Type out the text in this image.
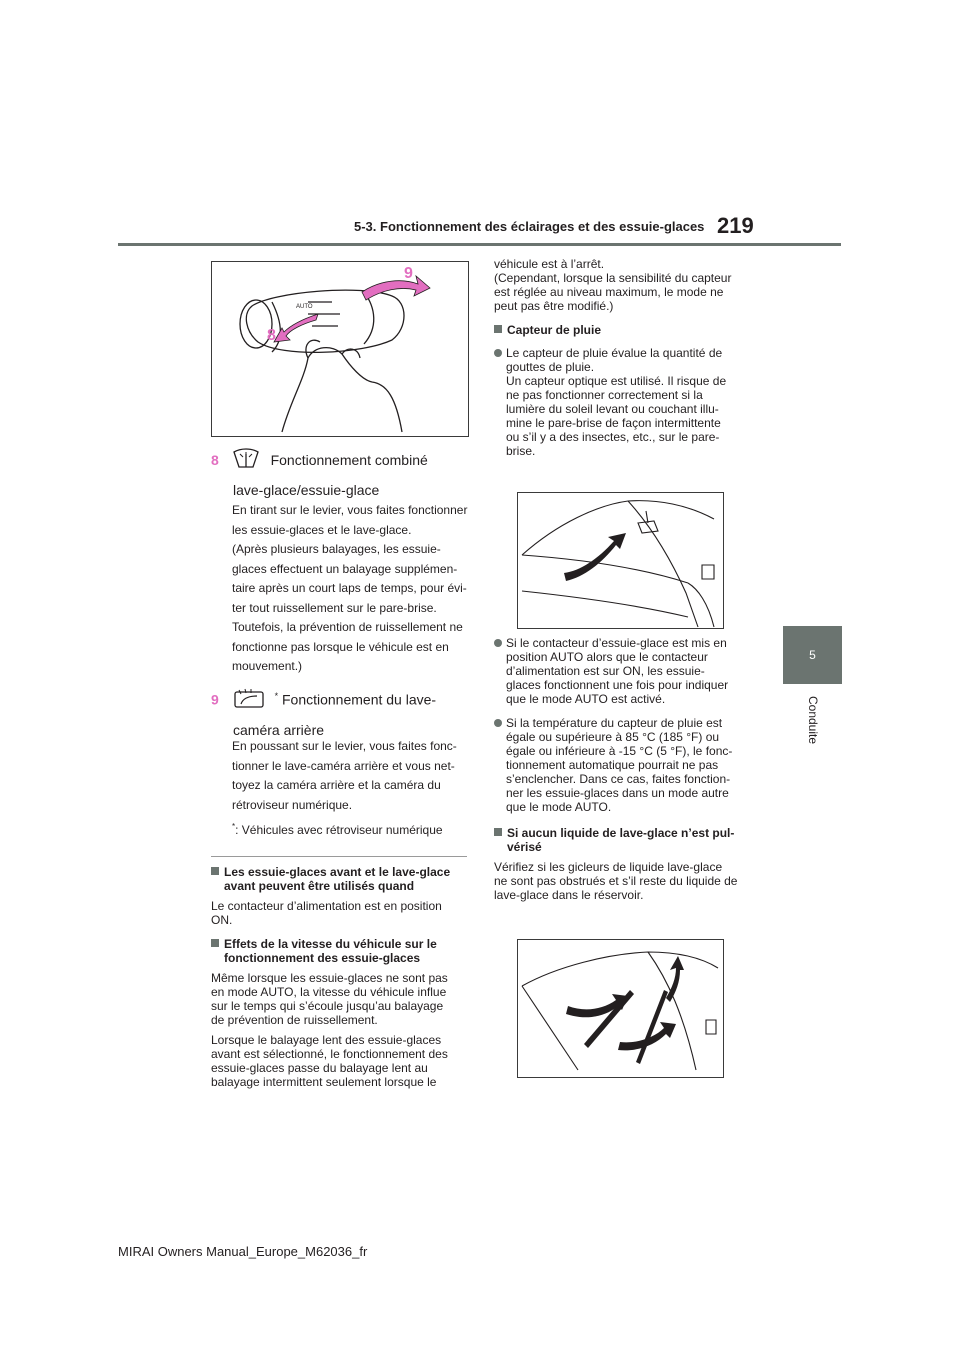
5-3. Fonctionnement des éclairages et des essuie-glaces 219
5
Conduite
AUTO
9
8
8	Fonctionnement combiné
lave-glace/essuie-glace

En tirant sur le levier, vous faites fonctionner

les essuie-glaces et le lave-glace.

(Après plusieurs balayages, les essuie-

glaces effectuent un balayage supplémen-

taire après un court laps de temps, pour évi-

ter tout ruissellement sur le pare-brise.

Toutefois, la prévention de ruissellement ne

fonctionne pas lorsque le véhicule est en

mouvement.)

9	* Fonctionnement du lave-
caméra arrière

En poussant sur le levier, vous faites fonc-

tionner le lave-caméra arrière et vous net-

toyez la caméra arrière et la caméra du

rétroviseur numérique.

*: Véhicules avec rétroviseur numérique

Les essuie-glaces avant et le lave-glace
avant peuvent être utilisés quand

Le contacteur d’alimentation est en position

ON.

Effets de la vitesse du véhicule sur le
fonctionnement des essuie-glaces

Même lorsque les essuie-glaces ne sont pas

en mode AUTO, la vitesse du véhicule influe

sur le temps qui s’écoule jusqu’au balayage

de prévention de ruissellement.

Lorsque le balayage lent des essuie-glaces

avant est sélectionné, le fonctionnement des

essuie-glaces passe du balayage lent au

balayage intermittent seulement lorsque le

véhicule est à l’arrêt.

(Cependant, lorsque la sensibilité du capteur

est réglée au niveau maximum, le mode ne

peut pas être modifié.)

Capteur de pluie
Le capteur de pluie évalue la quantité de
gouttes de pluie.
Un capteur optique est utilisé. Il risque de
ne pas fonctionner correctement si la
lumière du soleil levant ou couchant illu-
mine le pare-brise de façon intermittente
ou s’il y a des insectes, etc., sur le pare-
brise.
Si le contacteur d’essuie-glace est mis en
position AUTO alors que le contacteur
d’alimentation est sur ON, les essuie-
glaces fonctionnent une fois pour indiquer
que le mode AUTO est activé.
Si la température du capteur de pluie est
égale ou supérieure à 85 °C (185 °F) ou
égale ou inférieure à -15 °C (5 °F), le fonc-
tionnement automatique pourrait ne pas
s’enclencher. Dans ce cas, faites fonction-
ner les essuie-glaces dans un mode autre
que le mode AUTO.
Si aucun liquide de lave-glace n’est pul-
vérisé

Vérifiez si les gicleurs de liquide lave-glace

ne sont pas obstrués et s’il reste du liquide de

lave-glace dans le réservoir.

MIRAI Owners Manual_Europe_M62036_fr
